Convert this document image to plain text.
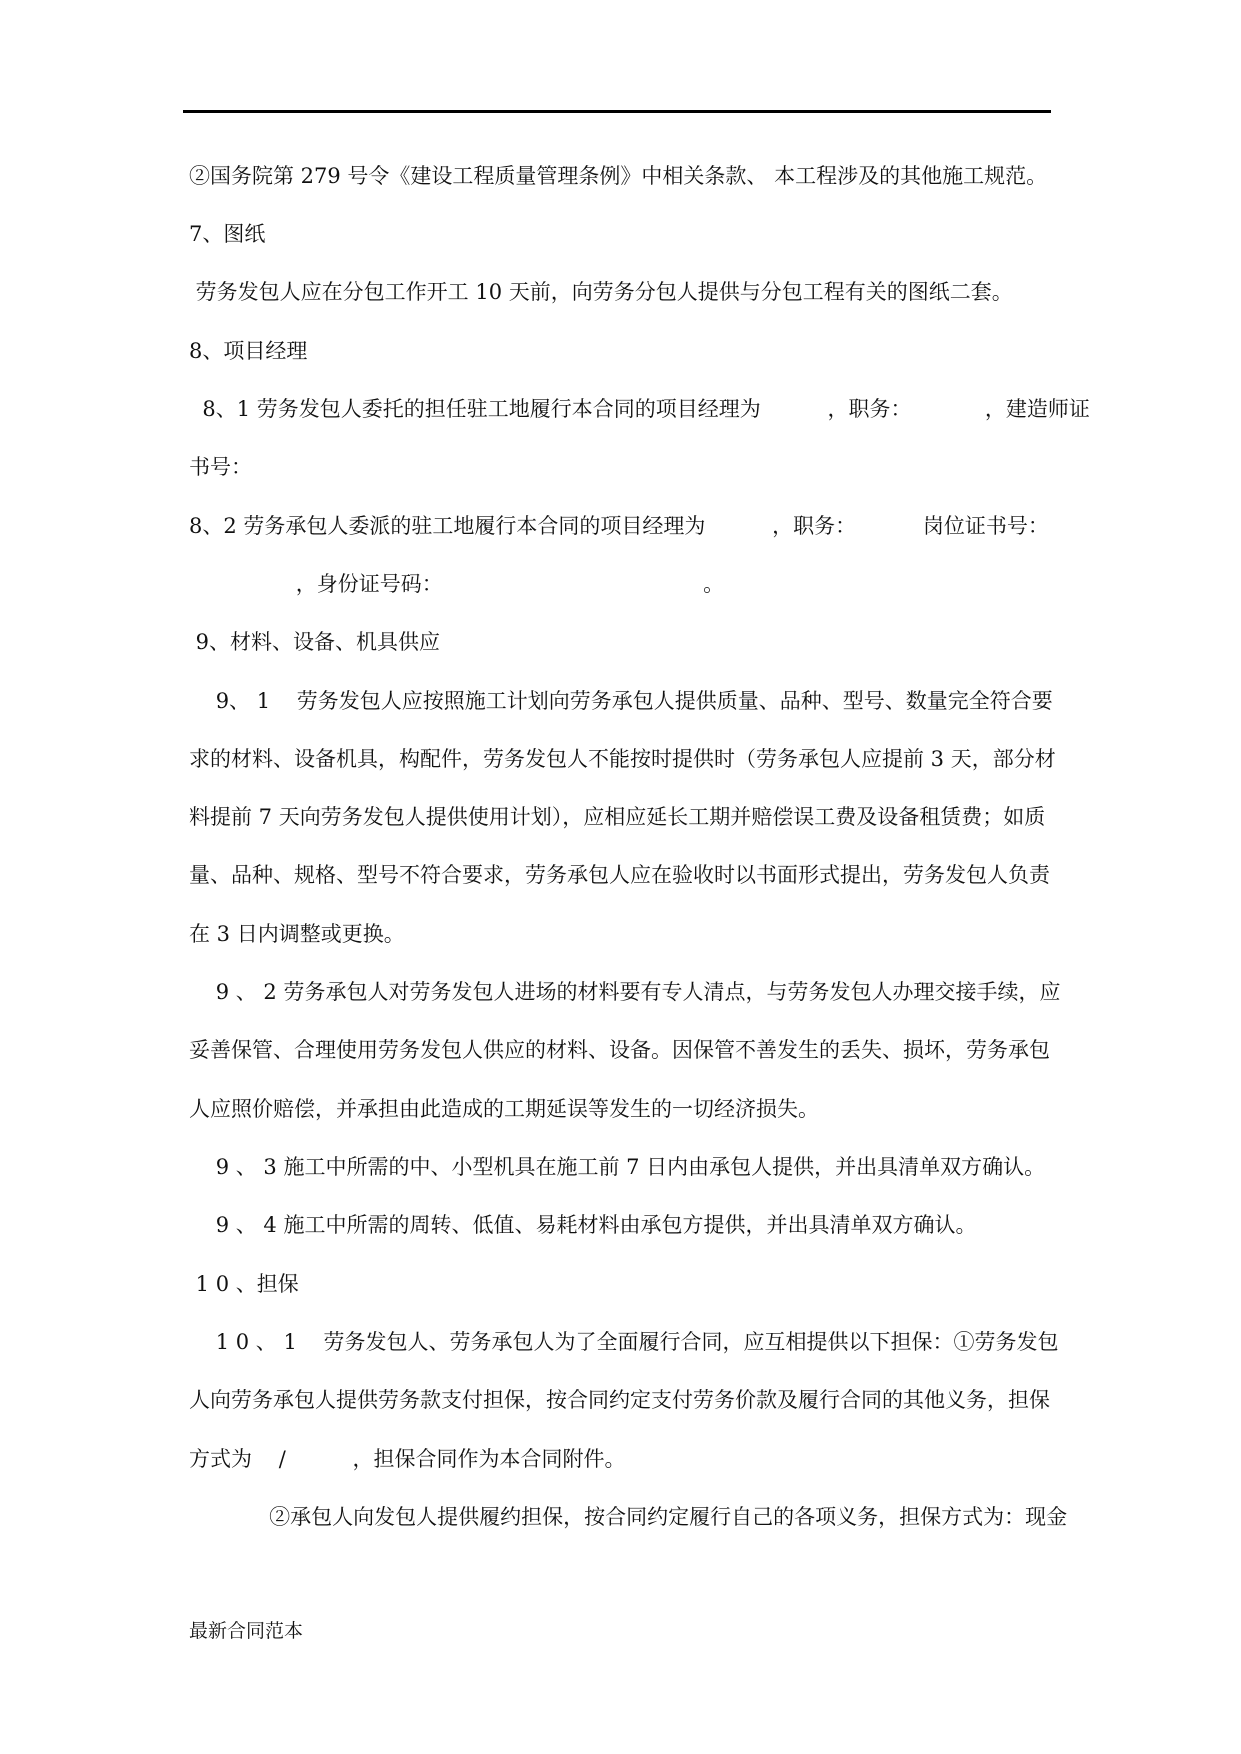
②国务院第 279 号令《建设工程质量管理条例》中相关条款、 本工程涉及的其他施工规范。
7、图纸
劳务发包人应在分包工作开工 10 天前，向劳务分包人提供与分包工程有关的图纸二套。
8、项目经理
8、1 劳务发包人委托的担任驻工地履行本合同的项目经理为          ，职务：           ，建造师证
书号：
8、2 劳务承包人委派的驻工地履行本合同的项目经理为          ，职务：          岗位证书号：
，身份证号码：                                       。
9、材料、设备、机具供应
9、 1    劳务发包人应按照施工计划向劳务承包人提供质量、品种、型号、数量完全符合要
求的材料、设备机具，构配件，劳务发包人不能按时提供时（劳务承包人应提前 3 天，部分材
料提前 7 天向劳务发包人提供使用计划），应相应延长工期并赔偿误工费及设备租赁费；如质
量、品种、规格、型号不符合要求，劳务承包人应在验收时以书面形式提出，劳务发包人负责
在 3 日内调整或更换。
9 、 2 劳务承包人对劳务发包人进场的材料要有专人清点，与劳务发包人办理交接手续，应
妥善保管、合理使用劳务发包人供应的材料、设备。因保管不善发生的丢失、损坏，劳务承包
人应照价赔偿，并承担由此造成的工期延误等发生的一切经济损失。
9 、 3 施工中所需的中、小型机具在施工前 7 日内由承包人提供，并出具清单双方确认。
9 、 4 施工中所需的周转、低值、易耗材料由承包方提供，并出具清单双方确认。
1 0 、担保
1 0 、 1    劳务发包人、劳务承包人为了全面履行合同，应互相提供以下担保：①劳务发包
人向劳务承包人提供劳务款支付担保，按合同约定支付劳务价款及履行合同的其他义务，担保
方式为    /          ，担保合同作为本合同附件。
②承包人向发包人提供履约担保，按合同约定履行自己的各项义务，担保方式为：现金
最新合同范本
